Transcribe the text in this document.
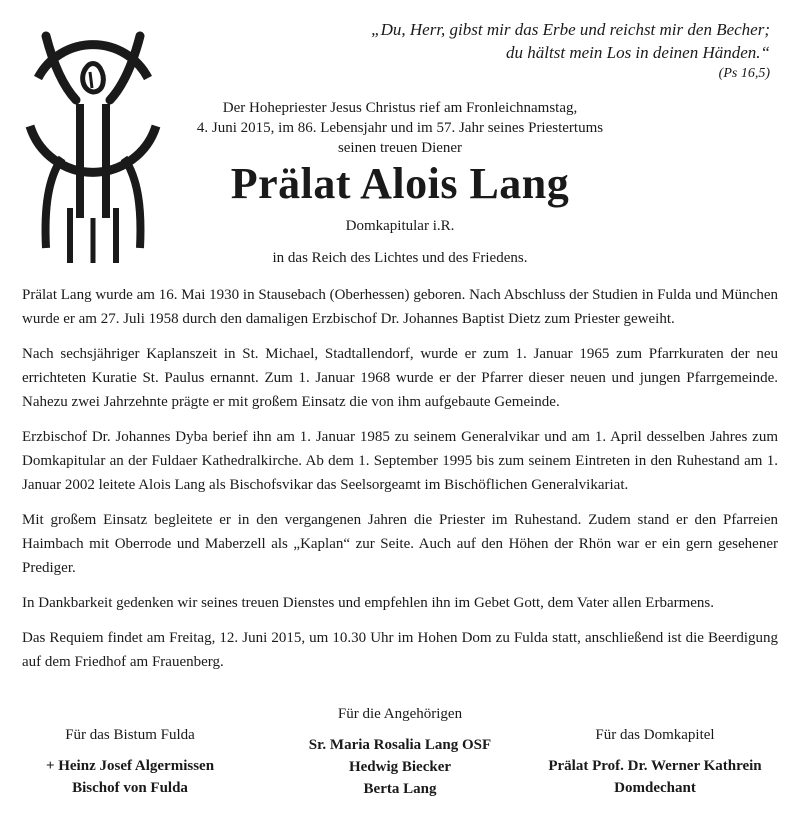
„Du, Herr, gibst mir das Erbe und reichst mir den Becher;
du hältst mein Los in deinen Händen.“
(Ps 16,5)
Der Hohepriester Jesus Christus rief am Fronleichnamstag,
4. Juni 2015, im 86. Lebensjahr und im 57. Jahr seines Priestertums
seinen treuen Diener
Prälat Alois Lang
Domkapitular i.R.
in das Reich des Lichtes und des Friedens.

Prälat Lang wurde am 16. Mai 1930 in Stausebach (Oberhessen) geboren. Nach Abschluss der Studien in Fulda und München wurde er am 27. Juli 1958 durch den damaligen Erzbischof Dr. Johannes Baptist Dietz zum Priester geweiht.

Nach sechsjähriger Kaplanszeit in St. Michael, Stadtallendorf, wurde er zum 1. Januar 1965 zum Pfarrkuraten der neu errichteten Kuratie St. Paulus ernannt. Zum 1. Januar 1968 wurde er der Pfarrer dieser neuen und jungen Pfarrgemeinde. Nahezu zwei Jahrzehnte prägte er mit großem Einsatz die von ihm aufgebaute Gemeinde.

Erzbischof Dr. Johannes Dyba berief ihn am 1. Januar 1985 zu seinem Generalvikar und am 1. April desselben Jahres zum Domkapitular an der Fuldaer Kathedralkirche. Ab dem 1. September 1995 bis zum seinem Eintreten in den Ruhestand am 1. Januar 2002 leitete Alois Lang als Bischofsvikar das Seelsorgeamt im Bischöflichen Generalvikariat.

Mit großem Einsatz begleitete er in den vergangenen Jahren die Priester im Ruhestand. Zudem stand er den Pfarreien Haimbach mit Oberrode und Maberzell als „Kaplan“ zur Seite. Auch auf den Höhen der Rhön war er ein gern gesehener Prediger.

In Dankbarkeit gedenken wir seines treuen Dienstes und empfehlen ihn im Gebet Gott, dem Vater allen Erbarmens.

Das Requiem findet am Freitag, 12. Juni 2015, um 10.30 Uhr im Hohen Dom zu Fulda statt, anschließend ist die Beerdigung auf dem Friedhof am Frauenberg.

Für das Bistum Fulda
+ Heinz Josef Algermissen
Bischof von Fulda
Für die Angehörigen
Sr. Maria Rosalia Lang OSF
Hedwig Biecker
Berta Lang
Für das Domkapitel
Prälat Prof. Dr. Werner Kathrein
Domdechant
